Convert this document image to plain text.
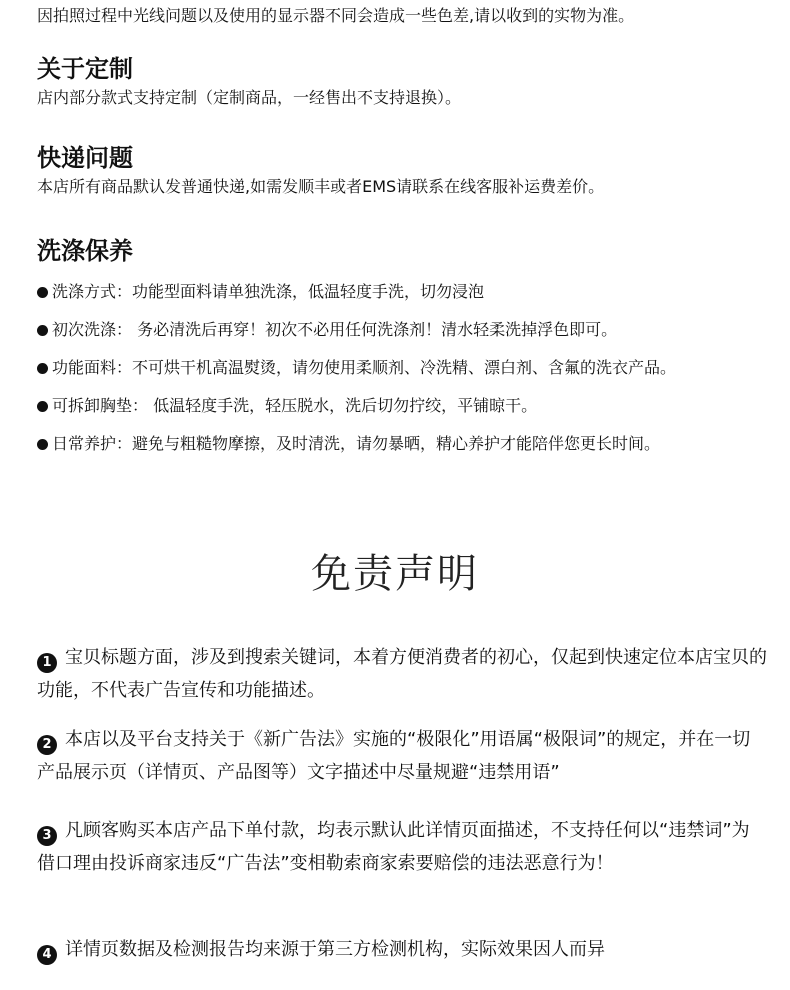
因拍照过程中光线问题以及使用的显示器不同会造成一些色差,请以收到的实物为准。
关于定制
店内部分款式支持定制（定制商品，一经售出不支持退换）。
快递问题
本店所有商品默认发普通快递,如需发顺丰或者EMS请联系在线客服补运费差价。
洗涤保养
洗涤方式：功能型面料请单独洗涤，低温轻度手洗，切勿浸泡
初次洗涤： 务必清洗后再穿！初次不必用任何洗涤剂！清水轻柔洗掉浮色即可。
功能面料：不可烘干机高温熨烫，请勿使用柔顺剂、冷洗精、漂白剂、含氟的洗衣产品。
可拆卸胸垫： 低温轻度手洗，轻压脱水，洗后切勿拧绞，平铺晾干。
日常养护：避免与粗糙物摩擦，及时清洗，请勿暴晒，精心养护才能陪伴您更长时间。
免责声明
1 宝贝标题方面，涉及到搜索关键词，本着方便消费者的初心，仅起到快速定位本店宝贝的功能，不代表广告宣传和功能描述。
2 本店以及平台支持关于《新广告法》实施的“极限化”用语属“极限词”的规定，并在一切产品展示页（详情页、产品图等）文字描述中尽量规避“违禁用语”
3 凡顾客购买本店产品下单付款，均表示默认此详情页面描述，不支持任何以“违禁词”为借口理由投诉商家违反“广告法”变相勒索商家索要赔偿的违法恶意行为！
4 详情页数据及检测报告均来源于第三方检测机构，实际效果因人而异
